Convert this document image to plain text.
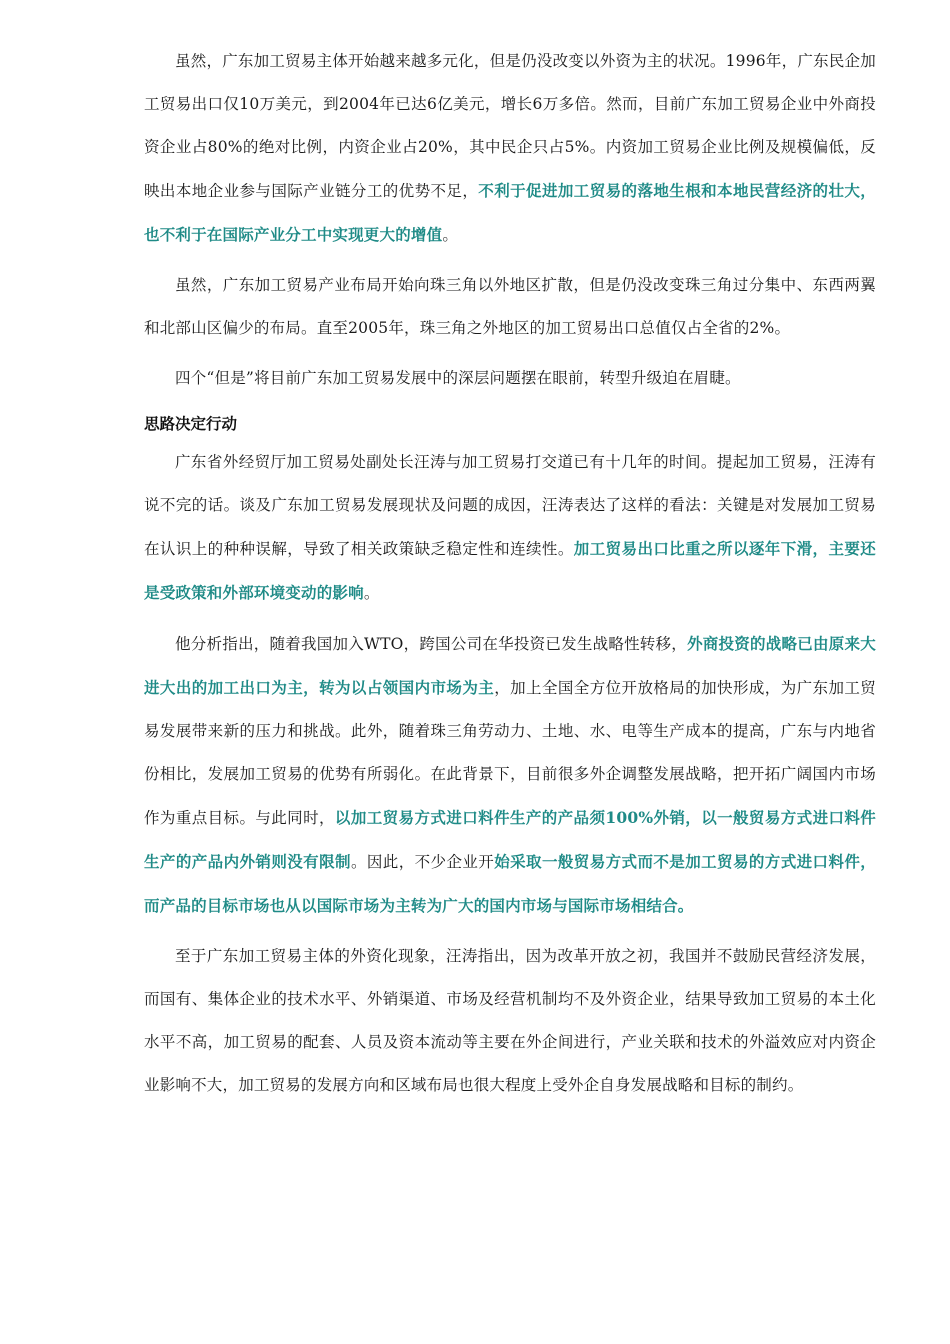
虽然，广东加工贸易主体开始越来越多元化，但是仍没改变以外资为主的状况。1996年，广东民企加工贸易出口仅10万美元，到2004年已达6亿美元，增长6万多倍。然而，目前广东加工贸易企业中外商投资企业占80%的绝对比例，内资企业占20%，其中民企只占5%。内资加工贸易企业比例及规模偏低，反映出本地企业参与国际产业链分工的优势不足，不利于促进加工贸易的落地生根和本地民营经济的壮大，也不利于在国际产业分工中实现更大的增值。

虽然，广东加工贸易产业布局开始向珠三角以外地区扩散，但是仍没改变珠三角过分集中、东西两翼和北部山区偏少的布局。直至2005年，珠三角之外地区的加工贸易出口总值仅占全省的2%。

四个“但是”将目前广东加工贸易发展中的深层问题摆在眼前，转型升级迫在眉睫。

思路决定行动

广东省外经贸厅加工贸易处副处长汪涛与加工贸易打交道已有十几年的时间。提起加工贸易，汪涛有说不完的话。谈及广东加工贸易发展现状及问题的成因，汪涛表达了这样的看法：关键是对发展加工贸易在认识上的种种误解，导致了相关政策缺乏稳定性和连续性。加工贸易出口比重之所以逐年下滑，主要还是受政策和外部环境变动的影响。

他分析指出，随着我国加入WTO，跨国公司在华投资已发生战略性转移，外商投资的战略已由原来大进大出的加工出口为主，转为以占领国内市场为主，加上全国全方位开放格局的加快形成，为广东加工贸易发展带来新的压力和挑战。此外，随着珠三角劳动力、土地、水、电等生产成本的提高，广东与内地省份相比，发展加工贸易的优势有所弱化。在此背景下，目前很多外企调整发展战略，把开拓广阔国内市场作为重点目标。与此同时，以加工贸易方式进口料件生产的产品须100%外销，以一般贸易方式进口料件生产的产品内外销则没有限制。因此，不少企业开始采取一般贸易方式而不是加工贸易的方式进口料件，而产品的目标市场也从以国际市场为主转为广大的国内市场与国际市场相结合。

至于广东加工贸易主体的外资化现象，汪涛指出，因为改革开放之初，我国并不鼓励民营经济发展，而国有、集体企业的技术水平、外销渠道、市场及经营机制均不及外资企业，结果导致加工贸易的本土化水平不高，加工贸易的配套、人员及资本流动等主要在外企间进行，产业关联和技术的外溢效应对内资企业影响不大，加工贸易的发展方向和区域布局也很大程度上受外企自身发展战略和目标的制约。
